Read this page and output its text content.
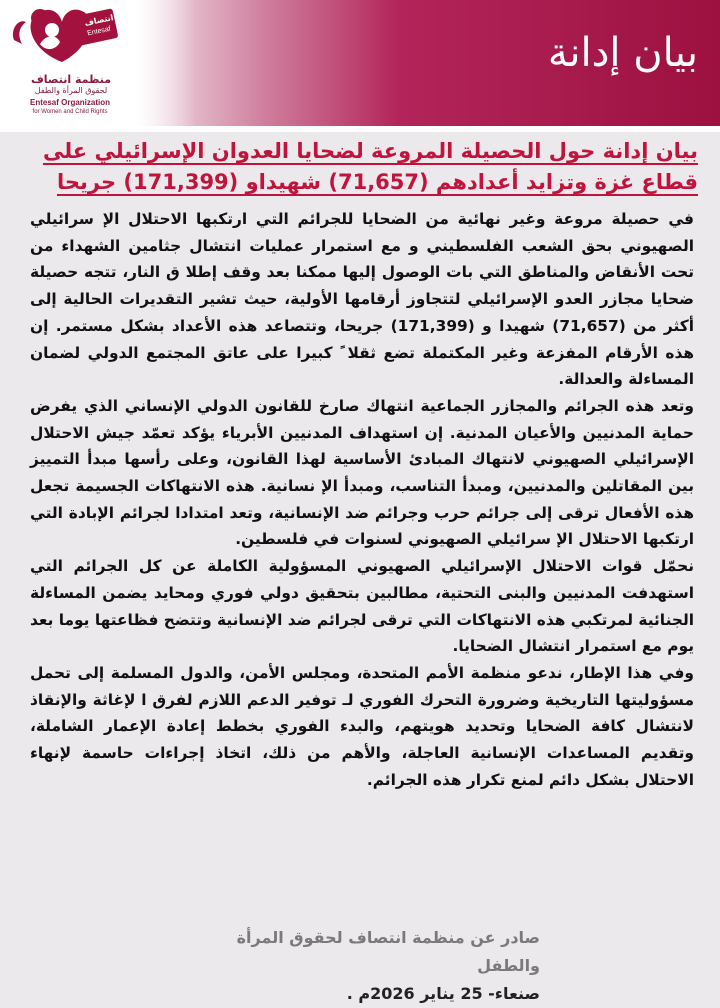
بيان إدانة
انتصاف
Entesaf
منظمة انتصاف
لحقوق المرأة والطفل
Entesaf Organization
for Women and Child Rights
بيان إدانة حول الحصيلة المروعة لضحايا العدوان الإسرائيلي على
قطاع غزة وتزايد أعدادهم (71,657) شهيداو (171,399) جريحا

في حصيلة مروعة وغير نهائية من الضحايا للجرائم التي ارتكبها الاحتلال الإ سرائيلي الصهيوني بحق الشعب الفلسطيني و مع استمرار عمليات انتشال جثامين الشهداء من تحت الأنقاض والمناطق التي بات الوصول إليها ممكنا بعد وقف إطلا ق النار، تتجه حصيلة ضحايا مجازر العدو الإسرائيلي لتتجاوز أرقامها الأولية، حيث تشير التقديرات الحالية إلى أكثر من (71,657) شهيدا و (171,399) جريحا، وتتصاعد هذه الأعداد بشكل مستمر. إن هذه الأرقام المفزعة وغير المكتملة تضع ثقلا ً كبيرا على عاتق المجتمع الدولي لضمان المساءلة والعدالة.

وتعد هذه الجرائم والمجازر الجماعية انتهاك صارخ للقانون الدولي الإنساني الذي يفرض حماية المدنيين والأعيان المدنية. إن استهداف المدنيين الأبرياء يؤكد تعمّد جيش الاحتلال الإسرائيلي الصهيوني لانتهاك المبادئ الأساسية لهذا القانون، وعلى رأسها مبدأ التمييز بين المقاتلين والمدنيين، ومبدأ التناسب، ومبدأ الإ نسانية. هذه الانتهاكات الجسيمة تجعل هذه الأفعال ترقى إلى جرائم حرب وجرائم ضد الإنسانية، وتعد امتدادا لجرائم الإبادة التي ارتكبها الاحتلال الإ سرائيلي الصهيوني لسنوات في فلسطين.

نحمّل قوات الاحتلال الإسرائيلي الصهيوني المسؤولية الكاملة عن كل الجرائم التي استهدفت المدنيين والبنى التحتية، مطالبين بتحقيق دولي فوري ومحايد يضمن المساءلة الجنائية لمرتكبي هذه الانتهاكات التي ترقى لجرائم ضد الإنسانية وتتضح فظاعتها يوما بعد يوم مع استمرار انتشال الضحايا.

وفي هذا الإطار، ندعو منظمة الأمم المتحدة، ومجلس الأمن، والدول المسلمة إلى تحمل مسؤوليتها التاريخية وضرورة التحرك الفوري لـ توفير الدعم اللازم لفرق ا لإغاثة والإنقاذ لانتشال كافة الضحايا وتحديد هويتهم، والبدء الفوري بخطط إعادة الإعمار الشاملة، وتقديم المساعدات الإنسانية العاجلة، والأهم من ذلك، اتخاذ إجراءات حاسمة لإنهاء الاحتلال بشكل دائم لمنع تكرار هذه الجرائم.

صادر عن منظمة انتصاف لحقوق المرأة والطفل
صنعاء- 25 يناير 2026م .
